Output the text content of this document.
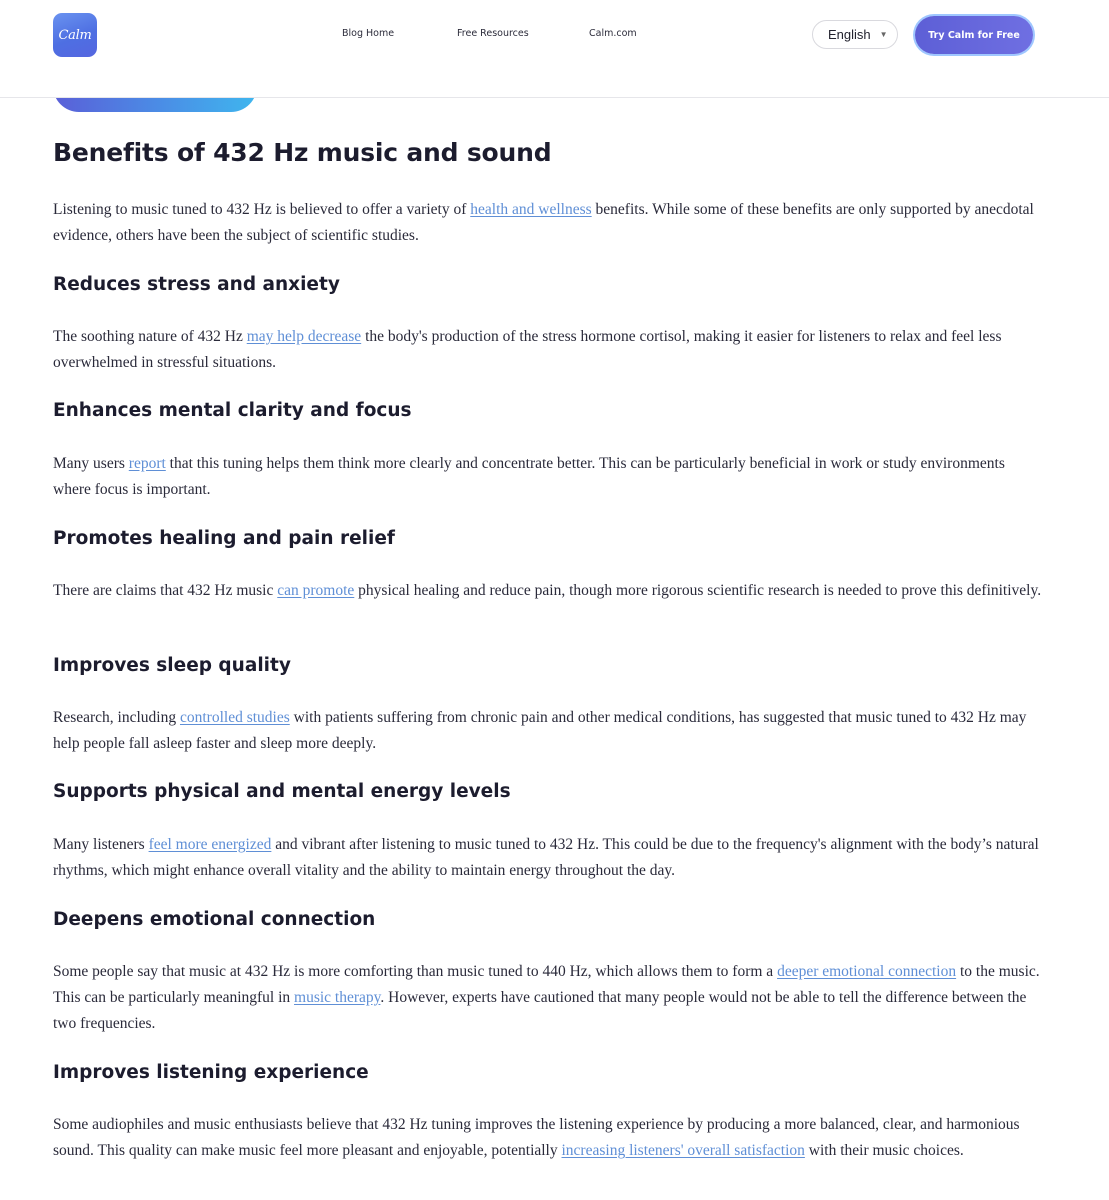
Calm	Blog Home	Free Resources	Calm.com	English ▼	Try Calm for Free
Benefits of 432 Hz music and sound

Listening to music tuned to 432 Hz is believed to offer a variety of health and wellness benefits. While some of these benefits are only supported by anecdotal evidence, others have been the subject of scientific studies.

Reduces stress and anxiety

The soothing nature of 432 Hz may help decrease the body's production of the stress hormone cortisol, making it easier for listeners to relax and feel less overwhelmed in stressful situations.

Enhances mental clarity and focus

Many users report that this tuning helps them think more clearly and concentrate better. This can be particularly beneficial in work or study environments where focus is important.

Promotes healing and pain relief

There are claims that 432 Hz music can promote physical healing and reduce pain, though more rigorous scientific research is needed to prove this definitively.

Improves sleep quality

Research, including controlled studies with patients suffering from chronic pain and other medical conditions, has suggested that music tuned to 432 Hz may help people fall asleep faster and sleep more deeply.

Supports physical and mental energy levels

Many listeners feel more energized and vibrant after listening to music tuned to 432 Hz. This could be due to the frequency's alignment with the body’s natural rhythms, which might enhance overall vitality and the ability to maintain energy throughout the day.

Deepens emotional connection

Some people say that music at 432 Hz is more comforting than music tuned to 440 Hz, which allows them to form a deeper emotional connection to the music. This can be particularly meaningful in music therapy. However, experts have cautioned that many people would not be able to tell the difference between the two frequencies.

Improves listening experience

Some audiophiles and music enthusiasts believe that 432 Hz tuning improves the listening experience by producing a more balanced, clear, and harmonious sound. This quality can make music feel more pleasant and enjoyable, potentially increasing listeners' overall satisfaction with their music choices.
